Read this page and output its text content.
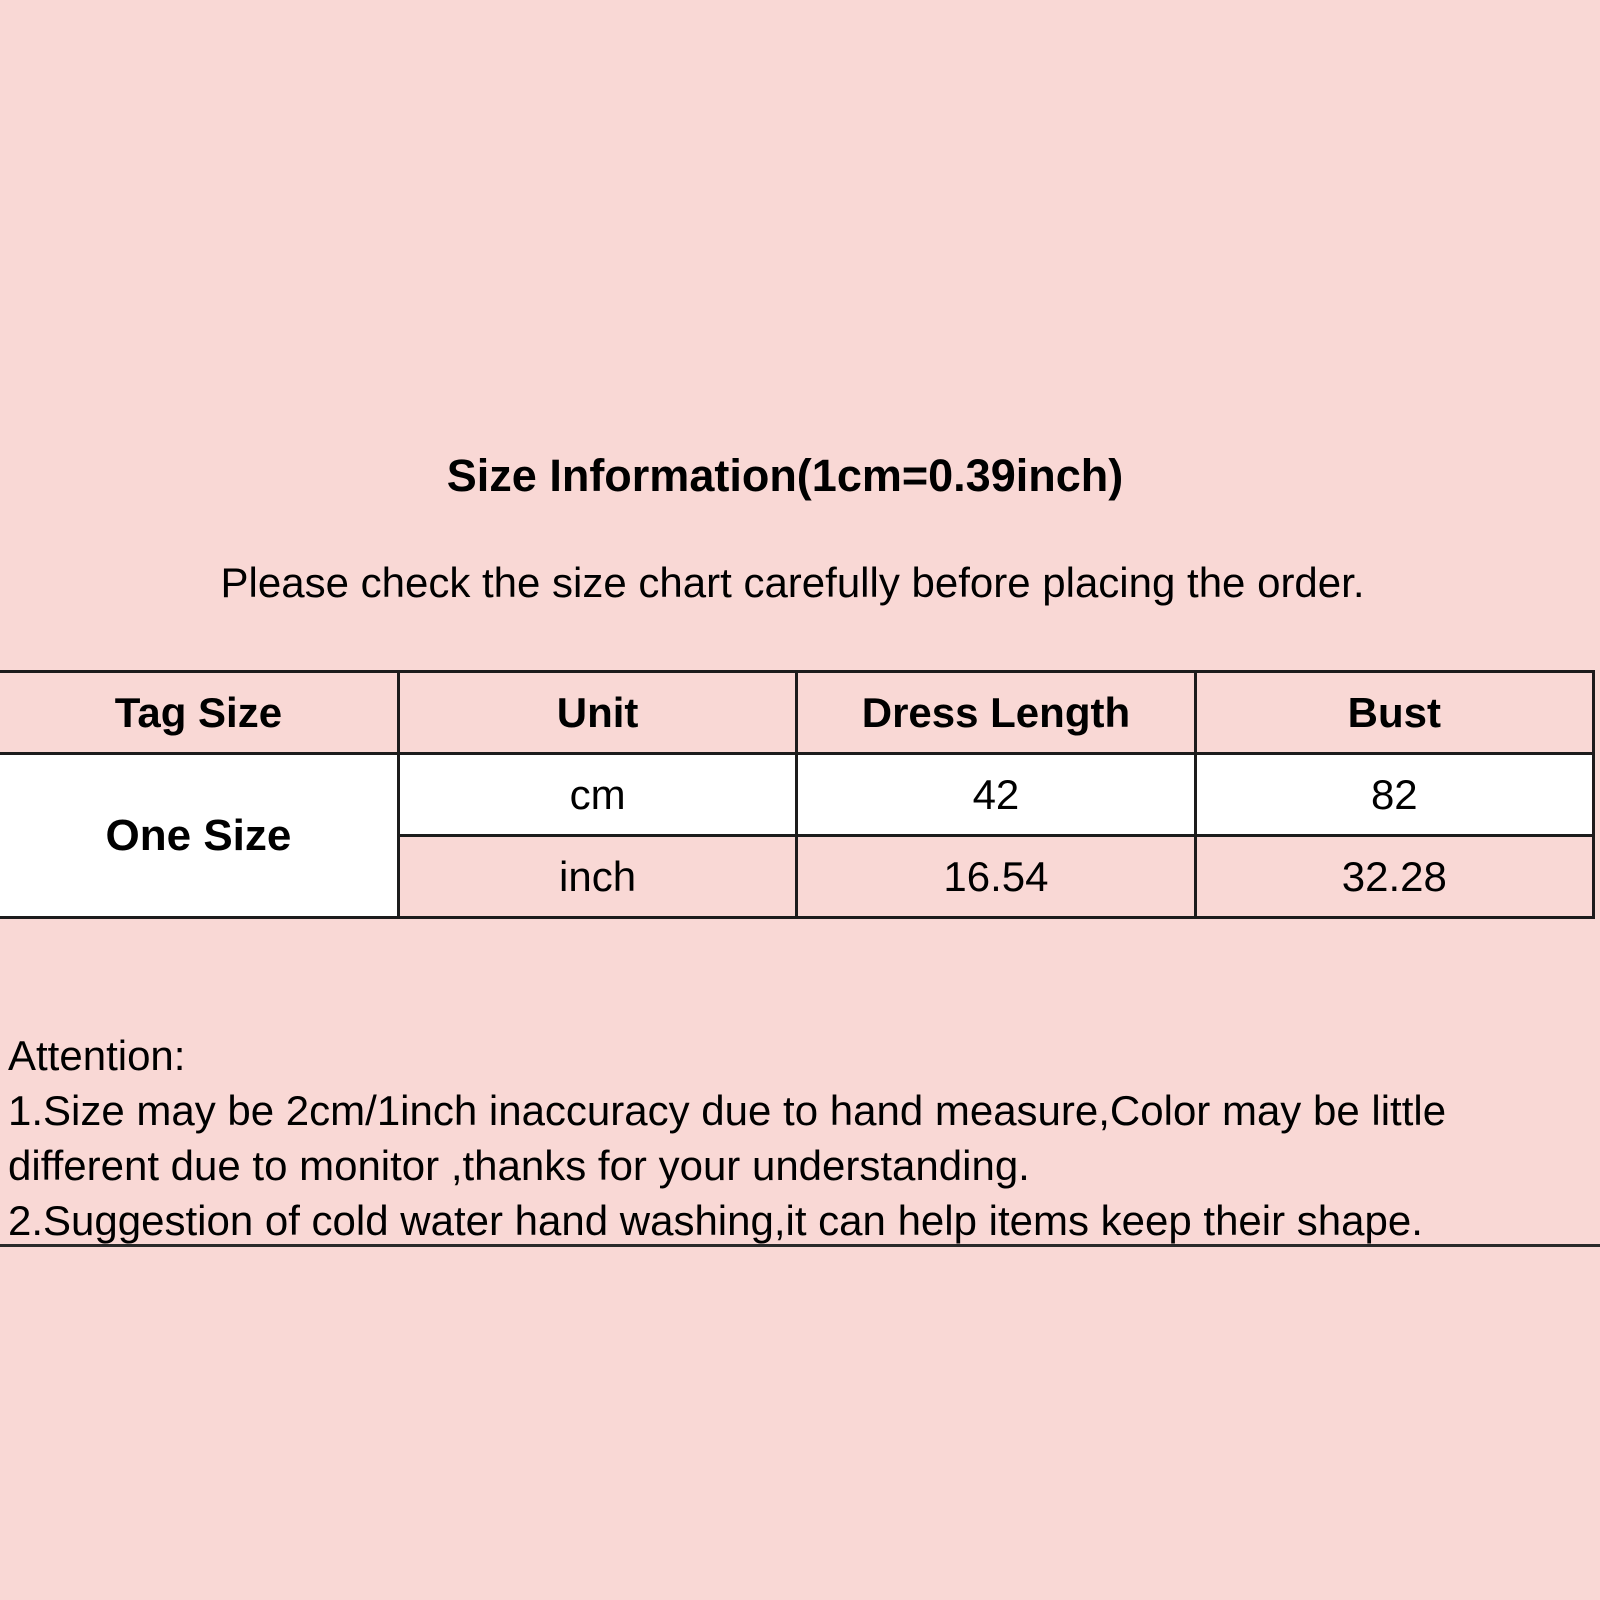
Size Information(1cm=0.39inch)

Please check the size chart carefully before placing the order.

Tag Size	Unit	Dress Length	Bust
One Size	cm	42	82
	inch	16.54	32.28
Attention:
1.Size may be 2cm/1inch inaccuracy due to hand measure,Color may be little
different due to monitor ,thanks for your understanding.
2.Suggestion of cold water hand washing,it can help items keep their shape.
